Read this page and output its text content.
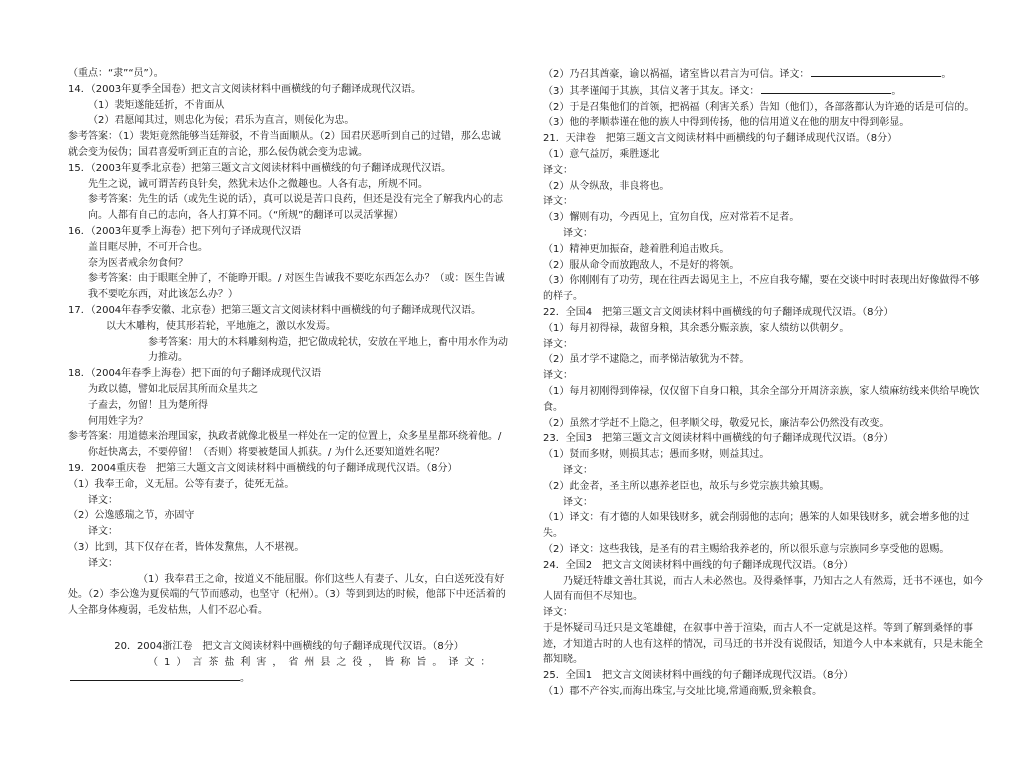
（重点：“隶”“员”）。

14．（2003年夏季全国卷）把文言文阅读材料中画横线的句子翻译成现代汉语。

（1）裴矩遂能廷折，不肯面从

（2）君愿闻其过，则忠化为佞；君乐为直言，则佞化为忠。

参考答案：（1）裴矩竟然能够当廷辩驳，不肯当面顺从。（2）国君厌恶听到自己的过错，那么忠诚就会变为佞伪；国君喜爱听到正直的言论，那么佞伪就会变为忠诚。

15．（2003年夏季北京卷）把第三题文言文阅读材料中画横线的句子翻译成现代汉语。

先生之说，诚可谓苦药良针矣，然犹未达仆之微趣也。人各有志，所规不同。

参考答案：先生的话（或先生说的话），真可以说是苦口良药，但还是没有完全了解我内心的志向。人都有自己的志向，各人打算不同。（“所规”的翻译可以灵活掌握）

16．（2003年夏季上海卷）把下列句子译成现代汉语

盖目眶尽肿，不可开合也。

奈为医者戒余勿食何？

参考答案：由于眼眶全肿了，不能睁开眼。/ 对医生告诫我不要吃东西怎么办？（或：医生告诫我不要吃东西，对此该怎么办？）

17．（2004年春季安徽、北京卷）把第三题文言文阅读材料中画横线的句子翻译成现代汉语。

以大木雕构，使其形若轮，平地施之，激以水发焉。

参考答案：用大的木料雕刻构造，把它做成轮状，安放在平地上，畜中用水作为动力推动。

18．（2004年春季上海卷）把下面的句子翻译成现代汉语

为政以德，譬如北辰居其所而众星共之

子盍去，勿留！且为楚所得

何用姓字为？

参考答案：用道德来治理国家，执政者就像北极星一样处在一定的位置上，众多星星都环绕着他。/

你赶快离去，不要停留！（否则）将要被楚国人抓获。/ 为什么还要知道姓名呢？

19．2004重庆卷　把第三大题文言文阅读材料中画横线的句子翻译成现代汉语。（8分）

（1）我奉王命，义无屈。公等有妻子，徒死无益。

译文：

（2）公逸感瑞之节，亦固守

译文：

（3）比到，其下仅存在者，皆体发黧焦，人不堪视。

译文：

（1）我奉君王之命，按道义不能屈服。你们这些人有妻子、儿女，白白送死没有好处。（2）李公逸为夏侯端的气节而感动，也坚守（杞州）。（3）等到到达的时候，他部下中还活着的人全都身体瘦弱，毛发枯焦，人们不忍心看。

20．2004浙江卷　把文言文阅读材料中画横线的句子翻译成现代汉语。（8分）

（1）言茶盐利害，省州县之役，皆称旨。译文：

。

（2）乃召其酋豪，谕以祸福，诸室皆以君言为可信。译文：	。

（3）其孝谨闻于其族，其信义著于其友。译文：	。

（2）于是召集他们的首领，把祸福（利害关系）告知（他们），各部落都认为许逊的话是可信的。

（3）他的孝顺恭谨在他的族人中得到传扬，他的信用道义在他的朋友中得到彰显。

21．天津卷　把第三题文言文阅读材料中画横线的句子翻译成现代汉语。（8分）

（1）意气益厉，乘胜逐北

译文：

（2）从令纵敌，非良将也。

译文：

（3）懈则有功，今西见上，宜勿自伐，应对常若不足者。

译文：

（1）精神更加振奋，趁着胜利追击败兵。

（2）服从命令而放跑敌人，不是好的将领。

（3）你刚刚有了功劳，现在往西去谒见主上，不应自我夸耀，要在交谈中时时表现出好像做得不够的样子。

22．全国4　把第三题文言文阅读材料中画横线的句子翻译成现代汉语。（8分）

（1）每月初得禄，裁留身粮，其余悉分赈亲族，家人绩纺以供朝夕。

译文：

（2）虽才学不逮隐之，而孝悌洁敏犹为不替。

译文：

（1）每月初刚得到俸禄，仅仅留下自身口粮，其余全部分开周济亲族，家人绩麻纺线来供给早晚饮食。

（2）虽然才学赶不上隐之，但孝顺父母，敬爱兄长，廉洁奉公仍然没有改变。

23．全国3　把第三题文言文阅读材料中画横线的句子翻译成现代汉语。（8分）

（1）贤而多财，则损其志；愚而多财，则益其过。

译文：

（2）此金者，圣主所以惠养老臣也，故乐与乡党宗族共飨其赐。

译文：

（1）译文：有才德的人如果钱财多，就会削弱他的志向；愚笨的人如果钱财多，就会增多他的过失。

（2）译文：这些我钱，是圣有的君主赐给我养老的，所以很乐意与宗族同乡享受他的恩赐。

24．全国2　把文言文阅读材料中画线的句子翻译成现代汉语。（8分）

乃疑迁特雄文善壮其说，而古人未必然也。及得桑怿事，乃知古之人有然焉，迁书不诬也，如今人固有而但不尽知也。

译文：

于是怀疑司马迁只是文笔雄健，在叙事中善于渲染，而古人不一定就是这样。等到了解到桑怿的事迹，才知道古时的人也有这样的情况，司马迁的书并没有说假话，知道今人中本来就有，只是未能全都知晓。

25．全国1　把文言文阅读材料中画线的句子翻译成现代汉语。（8分）

（1）郡不产谷实,而海出珠宝,与交址比境,常通商贩,贸籴粮食。
